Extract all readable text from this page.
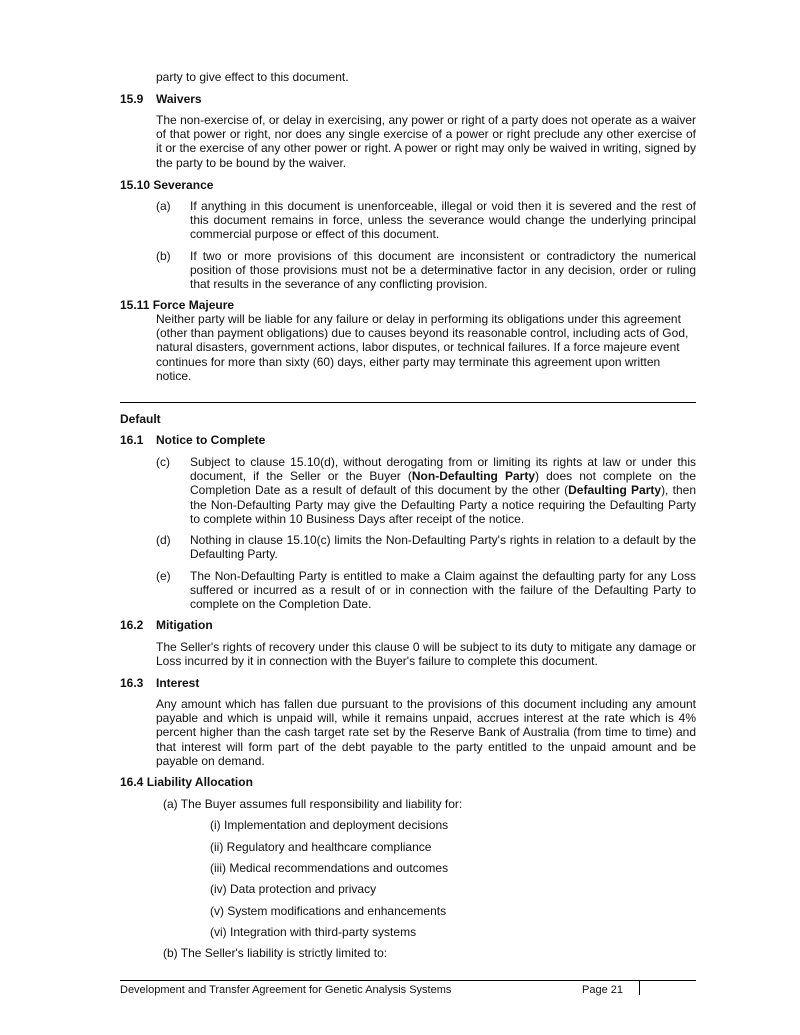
party to give effect to this document.
15.9 Waivers
The non-exercise of, or delay in exercising, any power or right of a party does not operate as a waiver of that power or right, nor does any single exercise of a power or right preclude any other exercise of it or the exercise of any other power or right. A power or right may only be waived in writing, signed by the party to be bound by the waiver.
15.10 Severance
(a) If anything in this document is unenforceable, illegal or void then it is severed and the rest of this document remains in force, unless the severance would change the underlying principal commercial purpose or effect of this document.
(b) If two or more provisions of this document are inconsistent or contradictory the numerical position of those provisions must not be a determinative factor in any decision, order or ruling that results in the severance of any conflicting provision.
15.11 Force Majeure
Neither party will be liable for any failure or delay in performing its obligations under this agreement (other than payment obligations) due to causes beyond its reasonable control, including acts of God, natural disasters, government actions, labor disputes, or technical failures. If a force majeure event continues for more than sixty (60) days, either party may terminate this agreement upon written notice.
Default
16.1 Notice to Complete
(c) Subject to clause 15.10(d), without derogating from or limiting its rights at law or under this document, if the Seller or the Buyer (Non-Defaulting Party) does not complete on the Completion Date as a result of default of this document by the other (Defaulting Party), then the Non-Defaulting Party may give the Defaulting Party a notice requiring the Defaulting Party to complete within 10 Business Days after receipt of the notice.
(d) Nothing in clause 15.10(c) limits the Non-Defaulting Party's rights in relation to a default by the Defaulting Party.
(e) The Non-Defaulting Party is entitled to make a Claim against the defaulting party for any Loss suffered or incurred as a result of or in connection with the failure of the Defaulting Party to complete on the Completion Date.
16.2 Mitigation
The Seller's rights of recovery under this clause 0 will be subject to its duty to mitigate any damage or Loss incurred by it in connection with the Buyer's failure to complete this document.
16.3 Interest
Any amount which has fallen due pursuant to the provisions of this document including any amount payable and which is unpaid will, while it remains unpaid, accrues interest at the rate which is 4% percent higher than the cash target rate set by the Reserve Bank of Australia (from time to time) and that interest will form part of the debt payable to the party entitled to the unpaid amount and be payable on demand.
16.4 Liability Allocation
(a) The Buyer assumes full responsibility and liability for:
(i) Implementation and deployment decisions
(ii) Regulatory and healthcare compliance
(iii) Medical recommendations and outcomes
(iv) Data protection and privacy
(v) System modifications and enhancements
(vi) Integration with third-party systems
(b) The Seller's liability is strictly limited to:
Development and Transfer Agreement for Genetic Analysis Systems	Page 21
